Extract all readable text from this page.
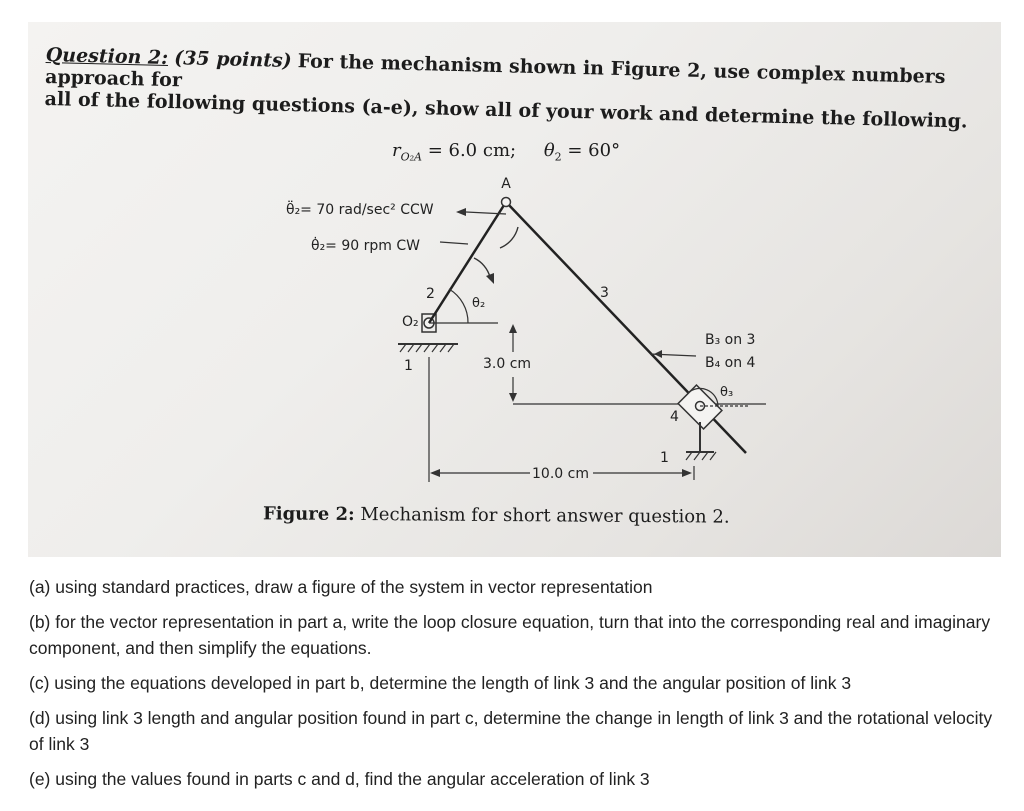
Question 2: (35 points) For the mechanism shown in Figure 2, use complex numbers approach for
all of the following questions (a-e), show all of your work and determine the following.

$r_{O_2A} = 6.0$ cm; $\theta_2 = 60^\circ$
θ̈₂= 70 rad/sec² CCW
θ̇₂= 90 rpm CW
A
2
θ₂
3
O₂
1	3.0 cm
B₃ on 3
B₄ on 4
θ₃
4
1
10.0 cm
Figure 2: Mechanism for short answer question 2.

(a) using standard practices, draw a figure of the system in vector representation

(b) for the vector representation in part a, write the loop closure equation, turn that into the corresponding real and imaginary component, and then simplify the equations.

(c) using the equations developed in part b, determine the length of link 3 and the angular position of link 3

(d) using link 3 length and angular position found in part c, determine the change in length of link 3 and the rotational velocity of link 3

(e) using the values found in parts c and d, find the angular acceleration of link 3
